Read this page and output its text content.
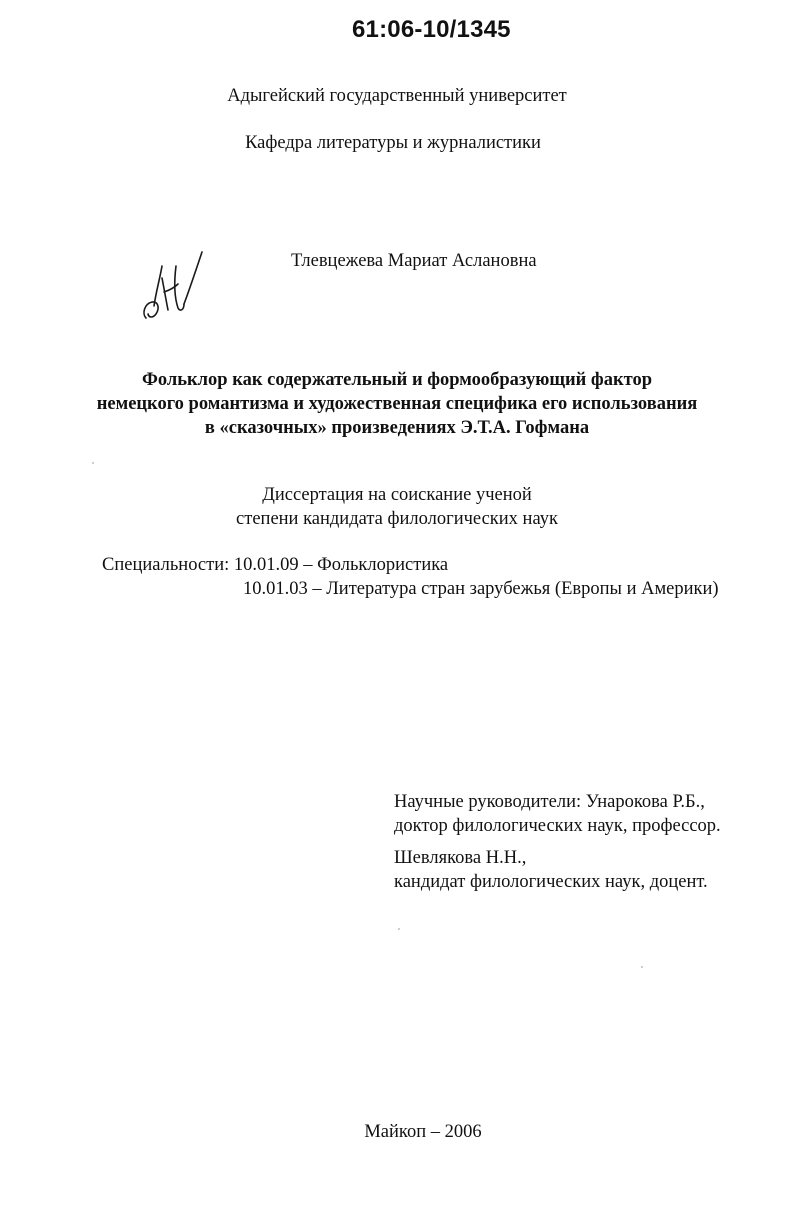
61:06-10/1345
Адыгейский государственный университет
Кафедра литературы и журналистики
Тлевцежева Мариат Аслановна
Фольклор как содержательный и формообразующий фактор
немецкого романтизма и художественная специфика его использования
в «сказочных» произведениях Э.Т.А. Гофмана
Диссертация на соискание ученой
степени кандидата филологических наук
Специальности: 10.01.09 – Фольклористика
10.01.03 – Литература стран зарубежья (Европы и Америки)
Научные руководители: Унарокова Р.Б.,
доктор филологических наук, профессор.
Шевлякова Н.Н.,
кандидат филологических наук, доцент.
Майкоп – 2006
